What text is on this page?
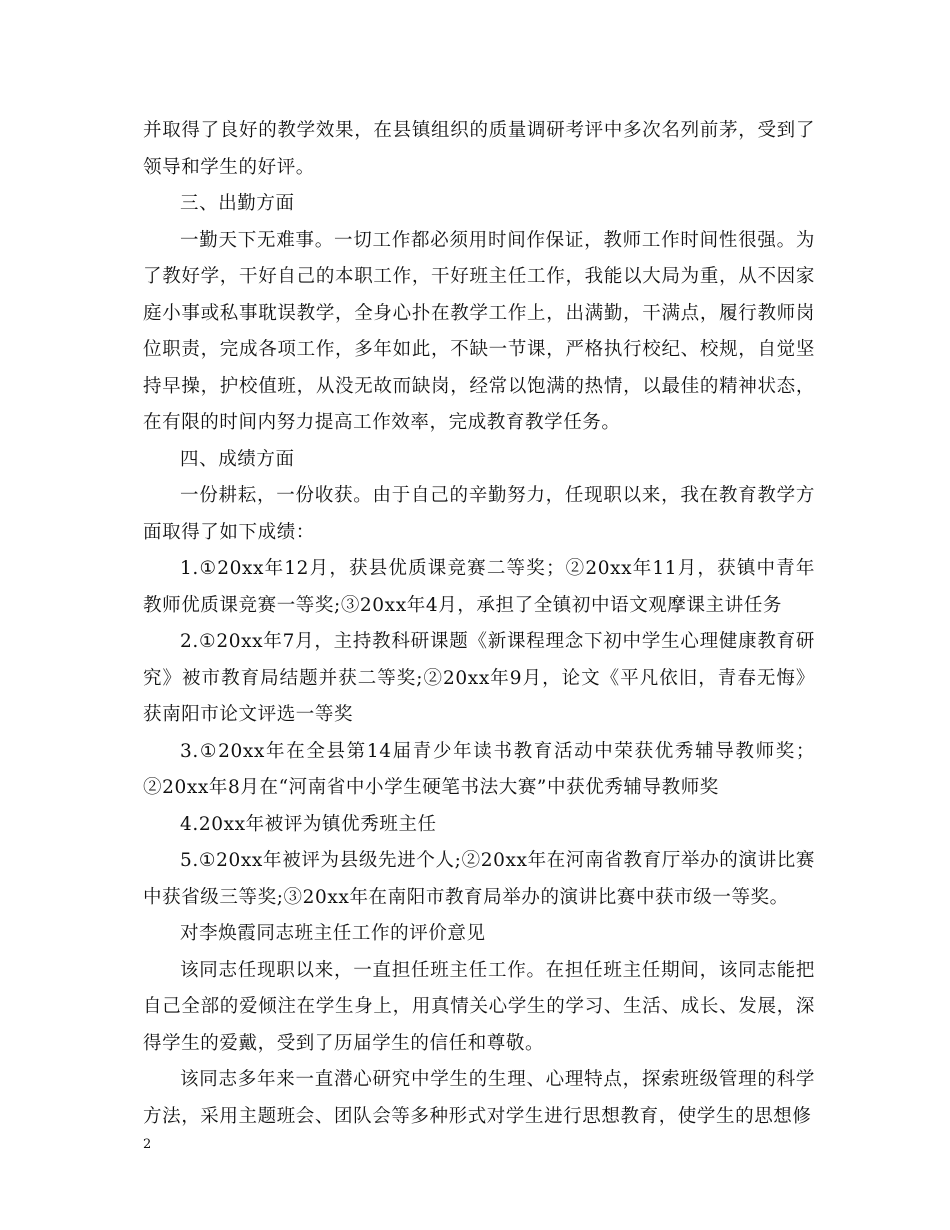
并取得了良好的教学效果，在县镇组织的质量调研考评中多次名列前茅，受到了领导和学生的好评。

三、出勤方面

一勤天下无难事。一切工作都必须用时间作保证，教师工作时间性很强。为了教好学，干好自己的本职工作，干好班主任工作，我能以大局为重，从不因家庭小事或私事耽误教学，全身心扑在教学工作上，出满勤，干满点，履行教师岗位职责，完成各项工作，多年如此，不缺一节课，严格执行校纪、校规，自觉坚持早操，护校值班，从没无故而缺岗，经常以饱满的热情，以最佳的精神状态，在有限的时间内努力提高工作效率，完成教育教学任务。

四、成绩方面

一份耕耘，一份收获。由于自己的辛勤努力，任现职以来，我在教育教学方面取得了如下成绩：

1.①20xx年12月，获县优质课竞赛二等奖；②20xx年11月，获镇中青年教师优质课竞赛一等奖;③20xx年4月，承担了全镇初中语文观摩课主讲任务

2.①20xx年7月，主持教科研课题《新课程理念下初中学生心理健康教育研究》被市教育局结题并获二等奖;②20xx年9月，论文《平凡依旧，青春无悔》获南阳市论文评选一等奖

3.①20xx年在全县第14届青少年读书教育活动中荣获优秀辅导教师奖；②20xx年8月在“河南省中小学生硬笔书法大赛”中获优秀辅导教师奖

4.20xx年被评为镇优秀班主任

5.①20xx年被评为县级先进个人;②20xx年在河南省教育厅举办的演讲比赛中获省级三等奖;③20xx年在南阳市教育局举办的演讲比赛中获市级一等奖。

对李焕霞同志班主任工作的评价意见

该同志任现职以来，一直担任班主任工作。在担任班主任期间，该同志能把自己全部的爱倾注在学生身上，用真情关心学生的学习、生活、成长、发展，深得学生的爱戴，受到了历届学生的信任和尊敬。

该同志多年来一直潜心研究中学生的生理、心理特点，探索班级管理的科学方法，采用主题班会、团队会等多种形式对学生进行思想教育，使学生的思想修

2
